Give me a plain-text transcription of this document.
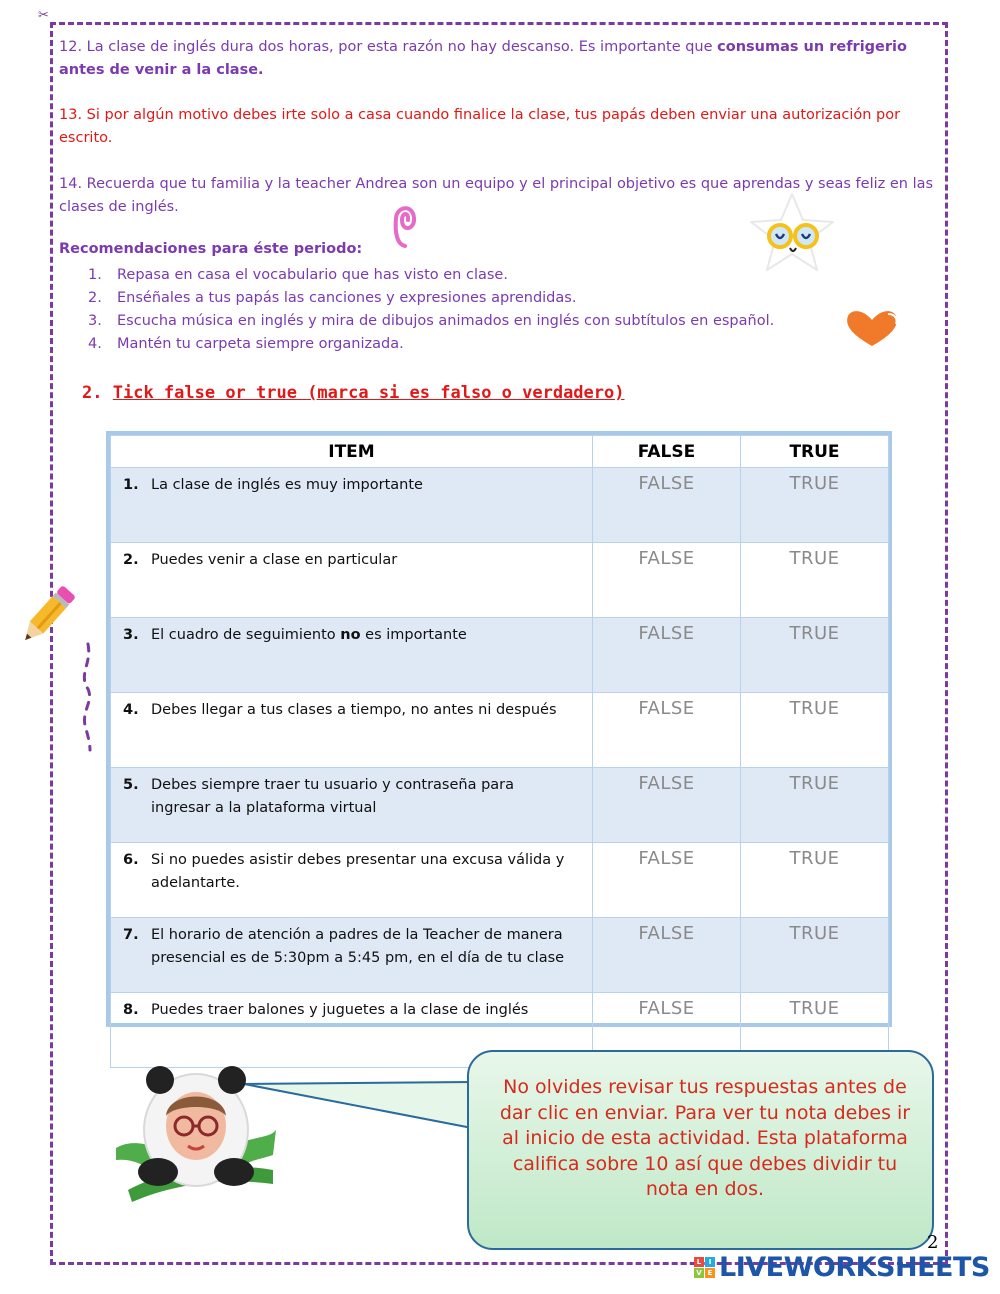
✂
12. La clase de inglés dura dos horas, por esta razón no hay descanso. Es importante que consumas un refrigerio antes de venir a la clase.
13. Si por algún motivo debes irte solo a casa cuando finalice la clase, tus papás deben enviar una autorización por escrito.
14. Recuerda que tu familia y la teacher Andrea son un equipo y el principal objetivo es que aprendas y seas feliz en las clases de inglés.
Recomendaciones para éste periodo:
1. Repasa en casa el vocabulario que has visto en clase.
2. Enséñales a tus papás las canciones y expresiones aprendidas.
3. Escucha música en inglés y mira de dibujos animados en inglés con subtítulos en español.
4. Mantén tu carpeta siempre organizada.
2. Tick false or true (marca si es falso o verdadero)
ITEM	FALSE	TRUE
1. La clase de inglés es muy importante	FALSE	TRUE
2. Puedes venir a clase en particular	FALSE	TRUE
3. El cuadro de seguimiento no es importante	FALSE	TRUE
4. Debes llegar a tus clases a tiempo, no antes ni después	FALSE	TRUE
5. Debes siempre traer tu usuario y contraseña para ingresar a la plataforma virtual	FALSE	TRUE
6. Si no puedes asistir debes presentar una excusa válida y adelantarte.	FALSE	TRUE
7. El horario de atención a padres de la Teacher de manera presencial es de 5:30pm a 5:45 pm, en el día de tu clase	FALSE	TRUE
8. Puedes traer balones y juguetes a la clase de inglés	FALSE	TRUE
No olvides revisar tus respuestas antes de dar clic en enviar. Para ver tu nota debes ir al inicio de esta actividad. Esta plataforma califica sobre 10 así que debes dividir tu nota en dos.
2
L	I
V E LIVEWORKSHEETS
